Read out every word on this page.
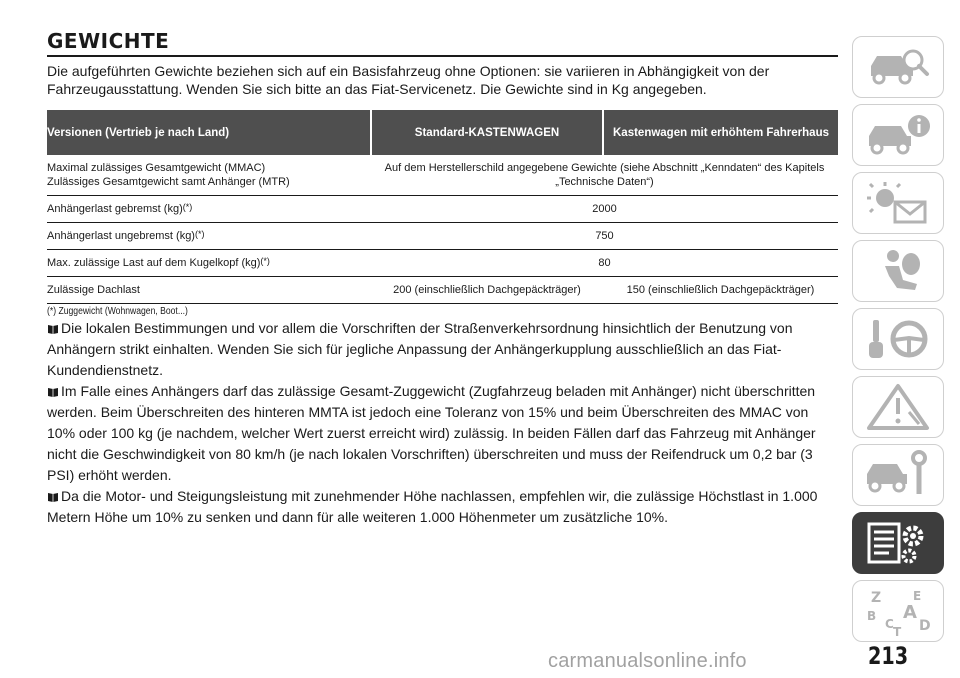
GEWICHTE
Die aufgeführten Gewichte beziehen sich auf ein Basisfahrzeug ohne Optionen: sie variieren in Abhängigkeit von der Fahrzeugausstattung. Wenden Sie sich bitte an das Fiat-Servicenetz. Die Gewichte sind in Kg angegeben.
Versionen (Vertrieb je nach Land)	Standard-KASTENWAGEN	Kastenwagen mit erhöhtem Fahrerhaus

Maximal zulässiges Gesamtgewicht (MMAC)
Zulässiges Gesamtgewicht samt Anhänger (MTR)	Auf dem Herstellerschild angegebene Gewichte (siehe Abschnitt „Kenndaten“ des Kapitels „Technische Daten“)	
Anhängerlast gebremst (kg)(*)	2000	
Anhängerlast ungebremst (kg)(*)	750	
Max. zulässige Last auf dem Kugelkopf (kg)(*)	80	
Zulässige Dachlast	200 (einschließlich Dachgepäckträger)	150 (einschließlich Dachgepäckträger)
(*) Zuggewicht (Wohnwagen, Boot...)
Die lokalen Bestimmungen und vor allem die Vorschriften der Straßenverkehrsordnung hinsichtlich der Benutzung von Anhängern strikt einhalten. Wenden Sie sich für jegliche Anpassung der Anhängerkupplung ausschließlich an das Fiat-Kundendienstnetz.
Im Falle eines Anhängers darf das zulässige Gesamt-Zuggewicht (Zugfahrzeug beladen mit Anhänger) nicht überschritten werden. Beim Überschreiten des hinteren MMTA ist jedoch eine Toleranz von 15% und beim Überschreiten des MMAC von 10% oder 100 kg (je nachdem, welcher Wert zuerst erreicht wird) zulässig. In beiden Fällen darf das Fahrzeug mit Anhänger nicht die Geschwindigkeit von 80 km/h (je nach lokalen Vorschriften) überschreiten und muss der Reifendruck um 0,2 bar (3 PSI) erhöht werden.
Da die Motor- und Steigungsleistung mit zunehmender Höhe nachlassen, empfehlen wir, die zulässige Höchstlast in 1.000 Metern Höhe um 10% zu senken und dann für alle weiteren 1.000 Höhenmeter um zusätzliche 10%.
Z	E
A
B
C D
T
213
carmanualsonline.info
